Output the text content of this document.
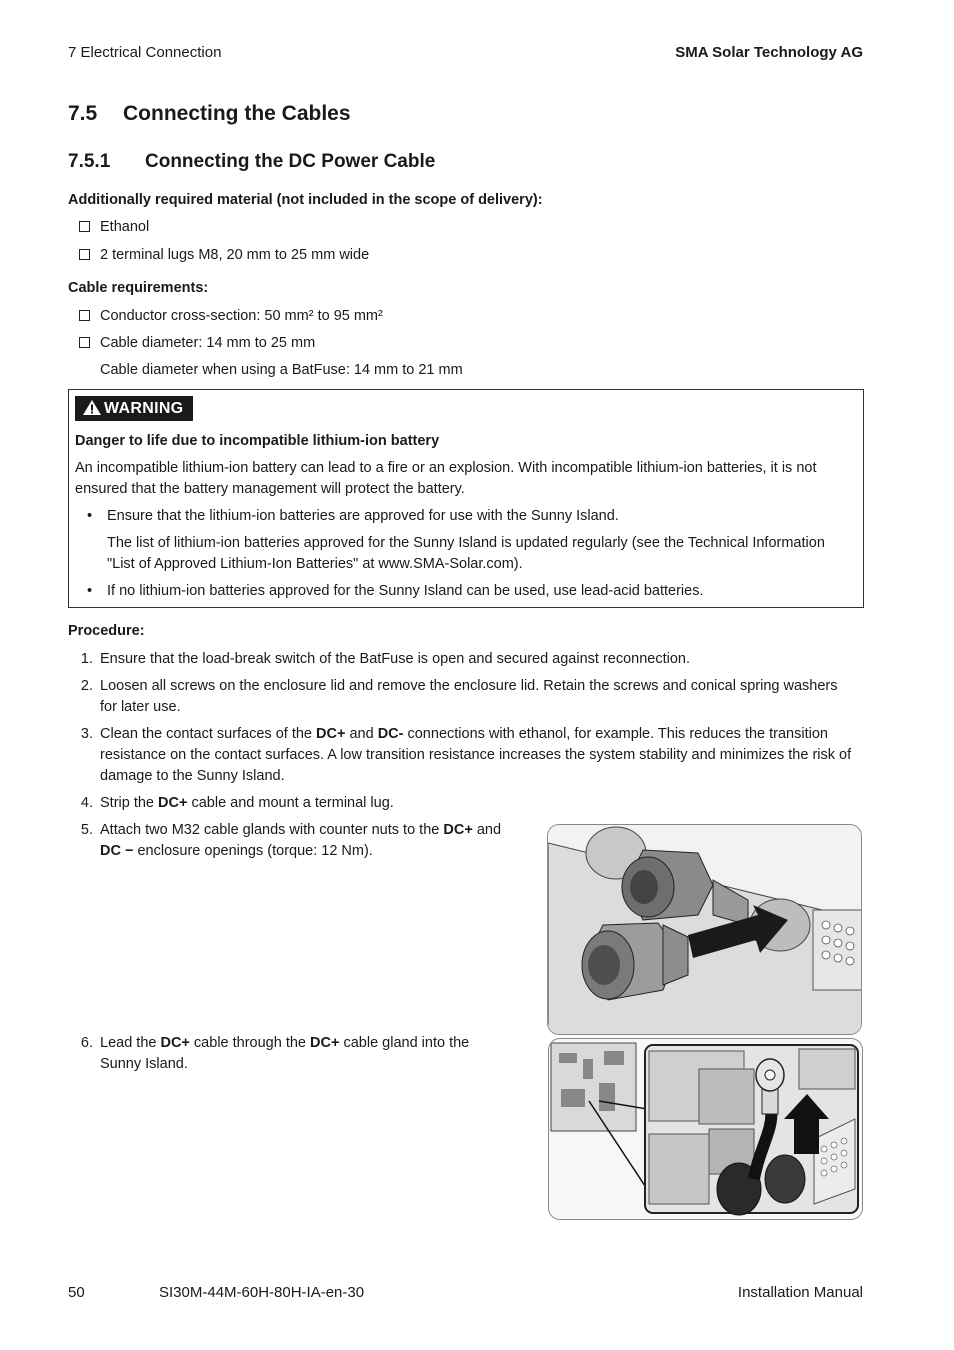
7 Electrical Connection	SMA Solar Technology AG
7.5 Connecting the Cables
7.5.1 Connecting the DC Power Cable
Additionally required material (not included in the scope of delivery):
Ethanol
2 terminal lugs M8, 20 mm to 25 mm wide
Cable requirements:
Conductor cross-section: 50 mm² to 95 mm²
Cable diameter: 14 mm to 25 mm
Cable diameter when using a BatFuse: 14 mm to 21 mm
WARNING
Danger to life due to incompatible lithium-ion battery
An incompatible lithium-ion battery can lead to a fire or an explosion. With incompatible lithium-ion batteries, it is not
ensured that the battery management will protect the battery.
• Ensure that the lithium-ion batteries are approved for use with the Sunny Island.
The list of lithium-ion batteries approved for the Sunny Island is updated regularly (see the Technical Information
"List of Approved Lithium-Ion Batteries" at www.SMA-Solar.com).
• If no lithium-ion batteries approved for the Sunny Island can be used, use lead-acid batteries.
Procedure:
1. Ensure that the load-break switch of the BatFuse is open and secured against reconnection.
2. Loosen all screws on the enclosure lid and remove the enclosure lid. Retain the screws and conical spring washers
for later use.
3. Clean the contact surfaces of the DC+ and DC- connections with ethanol, for example. This reduces the transition
resistance on the contact surfaces. A low transition resistance increases the system stability and minimizes the risk of
damage to the Sunny Island.
4. Strip the DC+ cable and mount a terminal lug.
5. Attach two M32 cable glands with counter nuts to the DC+ and
DC − enclosure openings (torque: 12 Nm).
6. Lead the DC+ cable through the DC+ cable gland into the
Sunny Island.
50	SI30M-44M-60H-80H-IA-en-30	Installation Manual
